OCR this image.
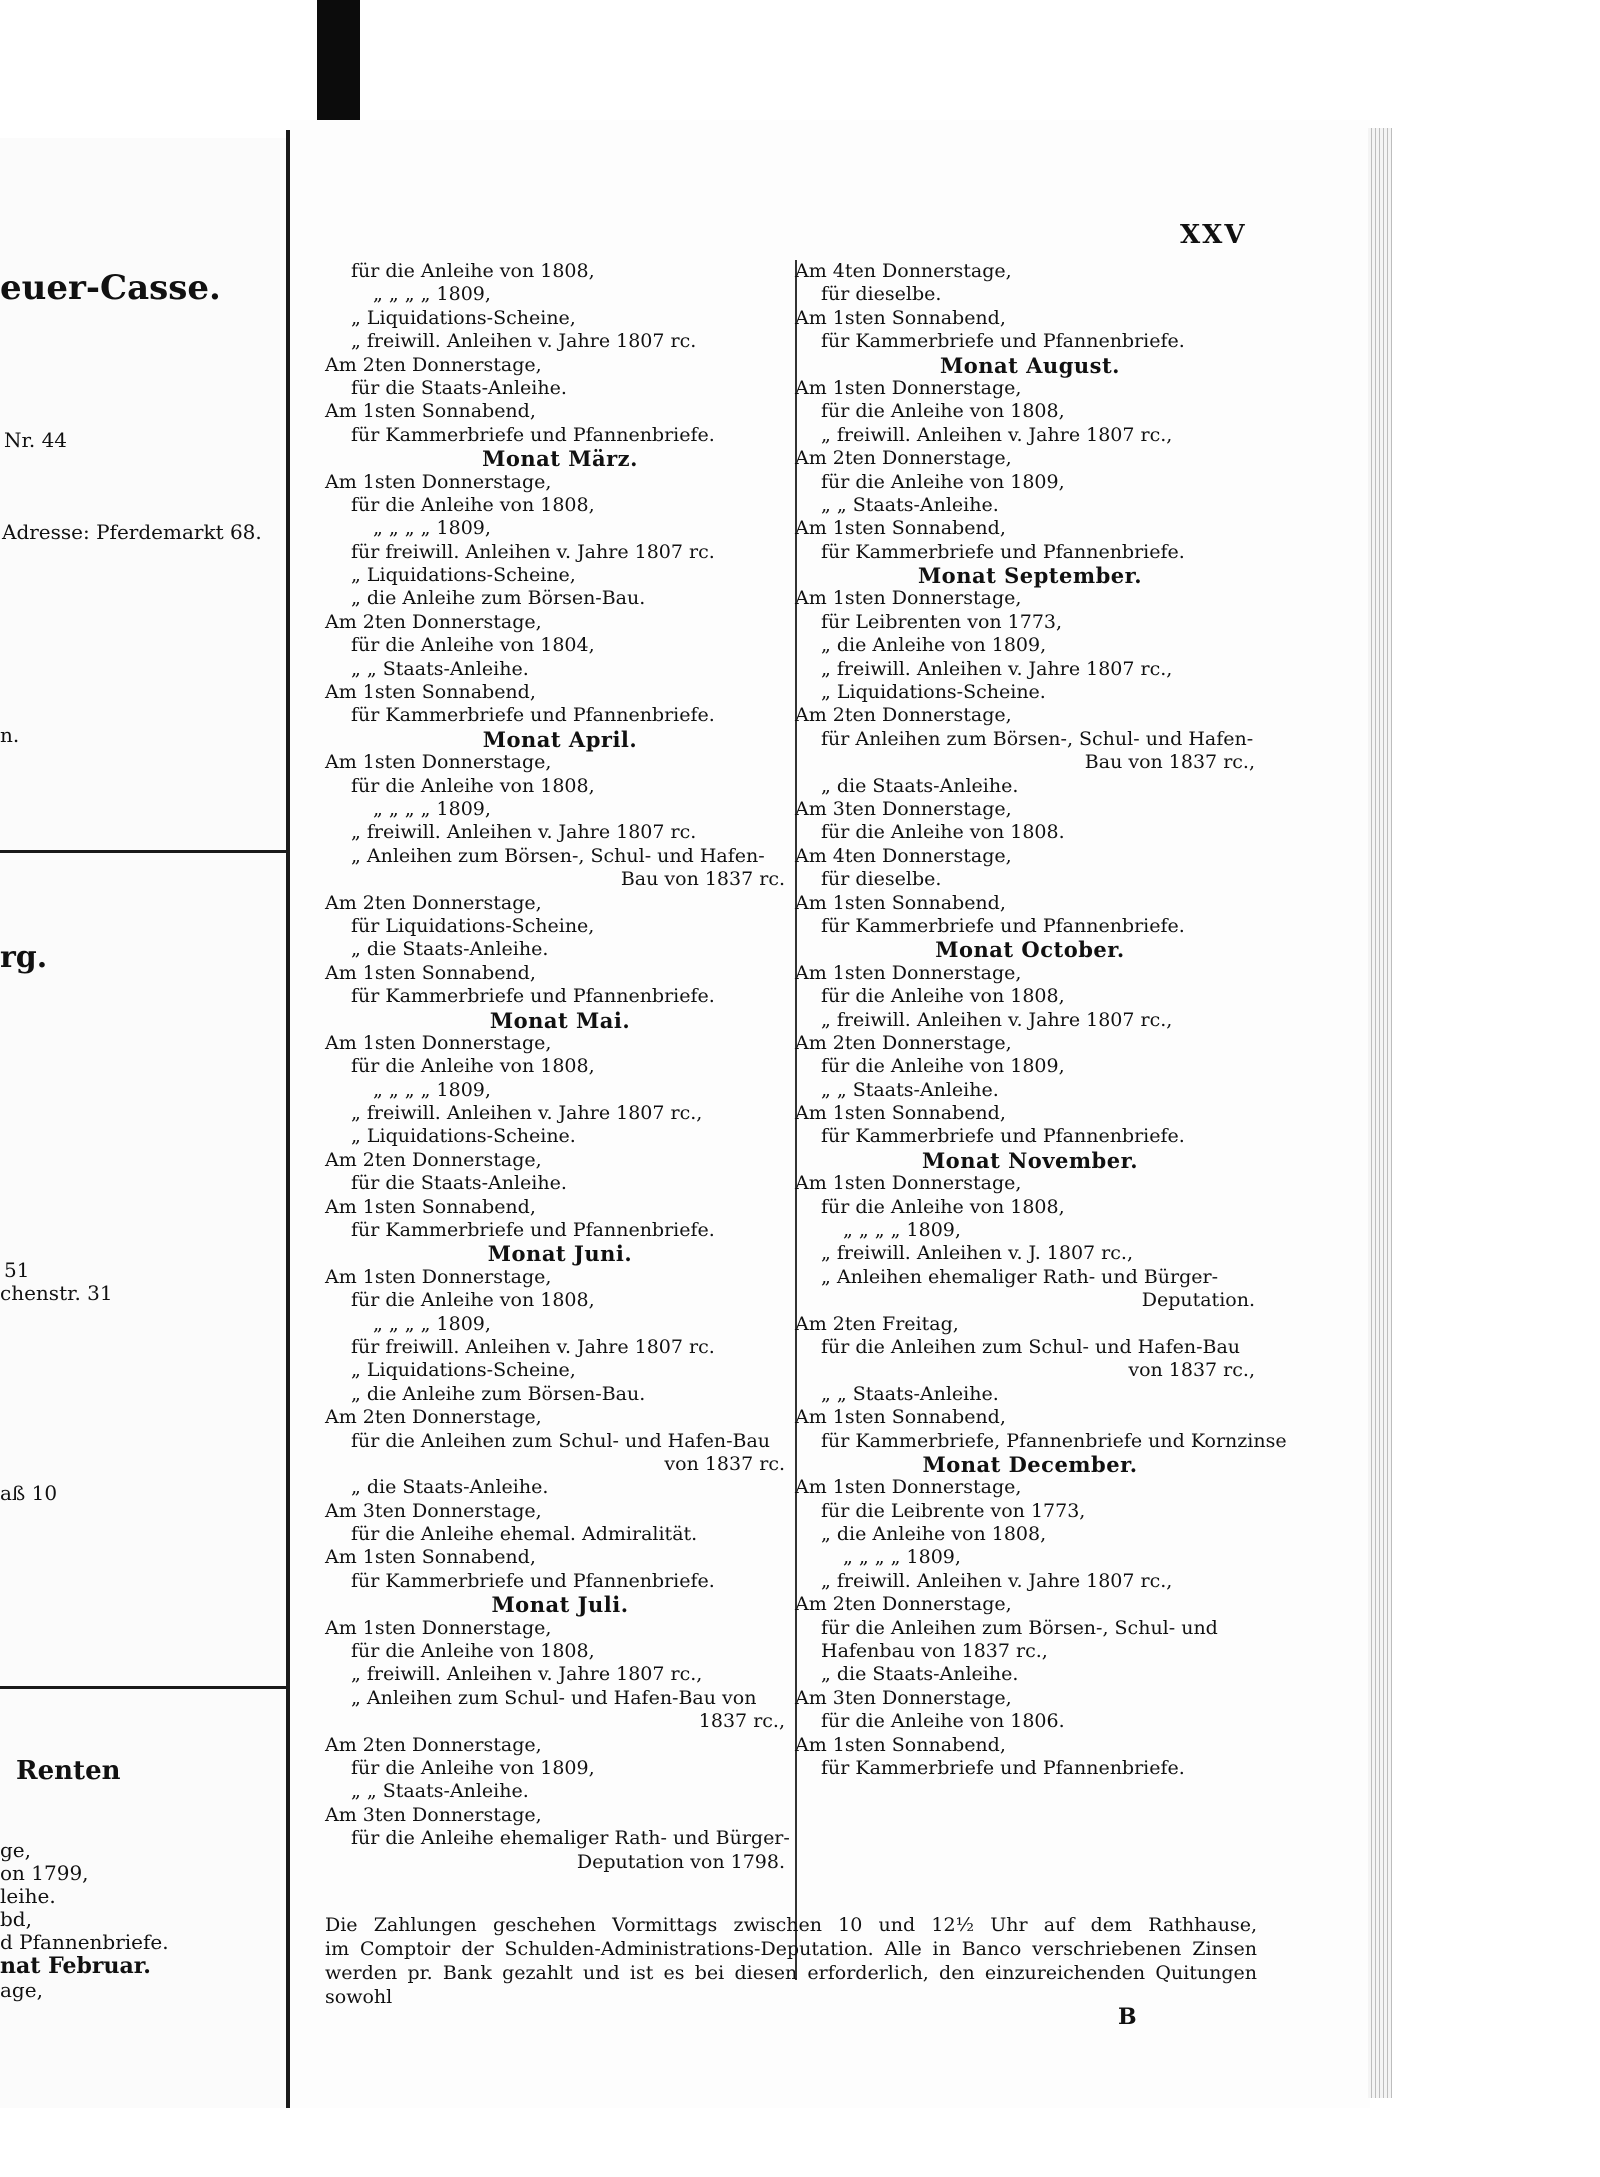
euer-Casse.
Nr. 44
Adresse: Pferdemarkt 68.
n.
rg.
51
chenstr. 31
aß 10
Renten
ge,
on 1799,
leihe.
bd,
d Pfannenbriefe.
nat Februar.
age,
XXV
für die Anleihe von 1808,
„ „ „ „ 1809,
„ Liquidations-Scheine,
„ freiwill. Anleihen v. Jahre 1807 rc.
Am 2ten Donnerstage,
für die Staats-Anleihe.
Am 1sten Sonnabend,
für Kammerbriefe und Pfannenbriefe.
Monat März.
Am 1sten Donnerstage,
für die Anleihe von 1808,
„ „ „ „ 1809,
für freiwill. Anleihen v. Jahre 1807 rc.
„ Liquidations-Scheine,
„ die Anleihe zum Börsen-Bau.
Am 2ten Donnerstage,
für die Anleihe von 1804,
„ „ Staats-Anleihe.
Am 1sten Sonnabend,
für Kammerbriefe und Pfannenbriefe.
Monat April.
Am 1sten Donnerstage,
für die Anleihe von 1808,
„ „ „ „ 1809,
„ freiwill. Anleihen v. Jahre 1807 rc.
„ Anleihen zum Börsen-, Schul- und Hafen-
Bau von 1837 rc.
Am 2ten Donnerstage,
für Liquidations-Scheine,
„ die Staats-Anleihe.
Am 1sten Sonnabend,
für Kammerbriefe und Pfannenbriefe.
Monat Mai.
Am 1sten Donnerstage,
für die Anleihe von 1808,
„ „ „ „ 1809,
„ freiwill. Anleihen v. Jahre 1807 rc.,
„ Liquidations-Scheine.
Am 2ten Donnerstage,
für die Staats-Anleihe.
Am 1sten Sonnabend,
für Kammerbriefe und Pfannenbriefe.
Monat Juni.
Am 1sten Donnerstage,
für die Anleihe von 1808,
„ „ „ „ 1809,
für freiwill. Anleihen v. Jahre 1807 rc.
„ Liquidations-Scheine,
„ die Anleihe zum Börsen-Bau.
Am 2ten Donnerstage,
für die Anleihen zum Schul- und Hafen-Bau
von 1837 rc.
„ die Staats-Anleihe.
Am 3ten Donnerstage,
für die Anleihe ehemal. Admiralität.
Am 1sten Sonnabend,
für Kammerbriefe und Pfannenbriefe.
Monat Juli.
Am 1sten Donnerstage,
für die Anleihe von 1808,
„ freiwill. Anleihen v. Jahre 1807 rc.,
„ Anleihen zum Schul- und Hafen-Bau von
1837 rc.,
Am 2ten Donnerstage,
für die Anleihe von 1809,
„ „ Staats-Anleihe.
Am 3ten Donnerstage,
für die Anleihe ehemaliger Rath- und Bürger-
Deputation von 1798.
Am 4ten Donnerstage,
für dieselbe.
Am 1sten Sonnabend,
für Kammerbriefe und Pfannenbriefe.
Monat August.
Am 1sten Donnerstage,
für die Anleihe von 1808,
„ freiwill. Anleihen v. Jahre 1807 rc.,
Am 2ten Donnerstage,
für die Anleihe von 1809,
„ „ Staats-Anleihe.
Am 1sten Sonnabend,
für Kammerbriefe und Pfannenbriefe.
Monat September.
Am 1sten Donnerstage,
für Leibrenten von 1773,
„ die Anleihe von 1809,
„ freiwill. Anleihen v. Jahre 1807 rc.,
„ Liquidations-Scheine.
Am 2ten Donnerstage,
für Anleihen zum Börsen-, Schul- und Hafen-
Bau von 1837 rc.,
„ die Staats-Anleihe.
Am 3ten Donnerstage,
für die Anleihe von 1808.
Am 4ten Donnerstage,
für dieselbe.
Am 1sten Sonnabend,
für Kammerbriefe und Pfannenbriefe.
Monat October.
Am 1sten Donnerstage,
für die Anleihe von 1808,
„ freiwill. Anleihen v. Jahre 1807 rc.,
Am 2ten Donnerstage,
für die Anleihe von 1809,
„ „ Staats-Anleihe.
Am 1sten Sonnabend,
für Kammerbriefe und Pfannenbriefe.
Monat November.
Am 1sten Donnerstage,
für die Anleihe von 1808,
„ „ „ „ 1809,
„ freiwill. Anleihen v. J. 1807 rc.,
„ Anleihen ehemaliger Rath- und Bürger-
Deputation.
Am 2ten Freitag,
für die Anleihen zum Schul- und Hafen-Bau
von 1837 rc.,
„ „ Staats-Anleihe.
Am 1sten Sonnabend,
für Kammerbriefe, Pfannenbriefe und Kornzinse
Monat December.
Am 1sten Donnerstage,
für die Leibrente von 1773,
„ die Anleihe von 1808,
„ „ „ „ 1809,
„ freiwill. Anleihen v. Jahre 1807 rc.,
Am 2ten Donnerstage,
für die Anleihen zum Börsen-, Schul- und
Hafenbau von 1837 rc.,
„ die Staats-Anleihe.
Am 3ten Donnerstage,
für die Anleihe von 1806.
Am 1sten Sonnabend,
für Kammerbriefe und Pfannenbriefe.

Die Zahlungen geschehen Vormittags zwischen 10 und 12½ Uhr auf dem Rathhause,

im Comptoir der Schulden-Administrations-Deputation. Alle in Banco verschriebenen Zinsen

werden pr. Bank gezahlt und ist es bei diesen erforderlich, den einzureichenden Quitungen sowohl

B
